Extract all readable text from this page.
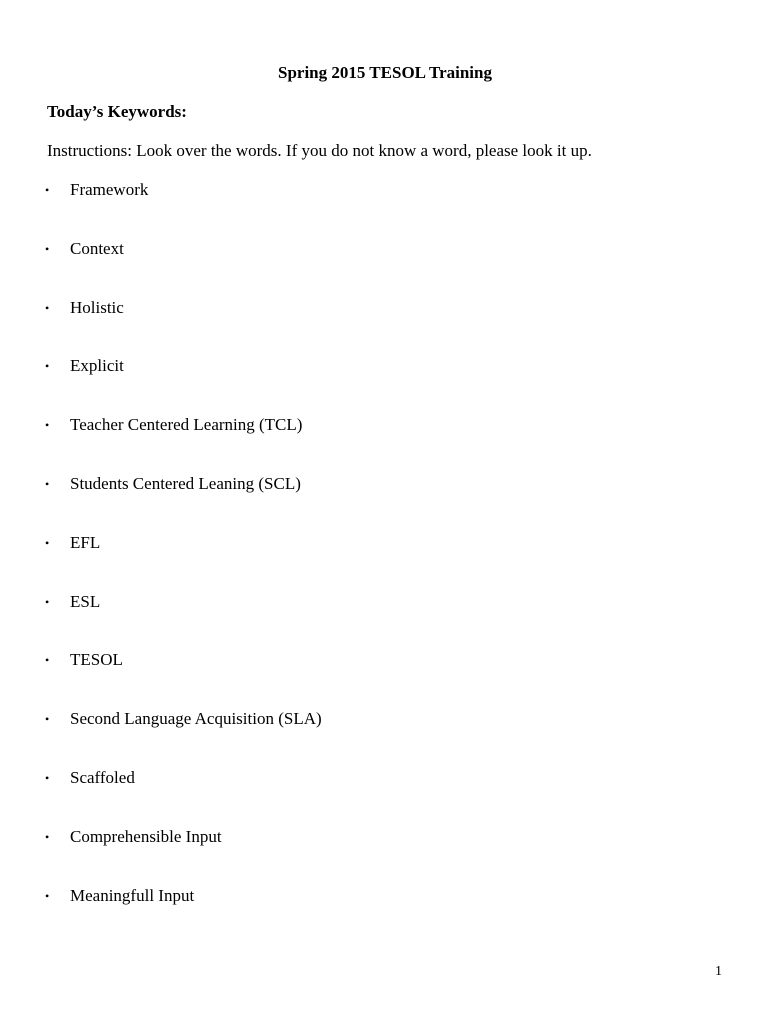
Spring 2015 TESOL Training
Today’s Keywords:
Instructions: Look over the words. If you do not know a word, please look it up.
• Framework
• Context
• Holistic
• Explicit
• Teacher Centered Learning (TCL)
• Students Centered Leaning (SCL)
• EFL
• ESL
• TESOL
• Second Language Acquisition (SLA)
• Scaffoled
• Comprehensible Input
• Meaningfull Input
1
